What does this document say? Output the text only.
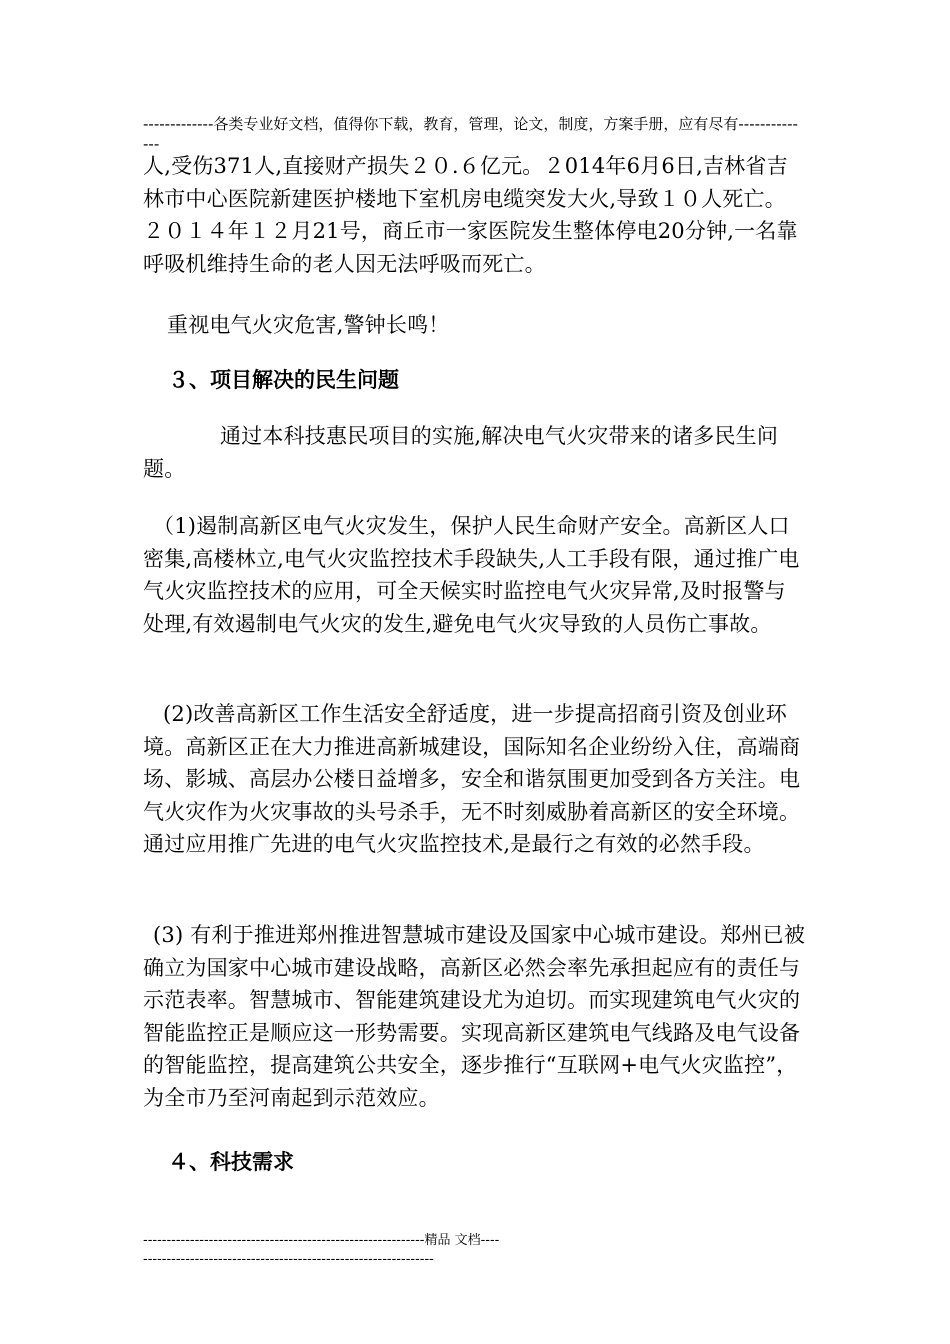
-------------各类专业好文档，值得你下载，教育，管理，论文，制度，方案手册，应有尽有--------------

人,受伤371人,直接财产损失２０.６亿元。２014年6月6日,吉林省吉林市中心医院新建医护楼地下室机房电缆突发大火,导致１０人死亡。 ２０１４年１２月21号，商丘市一家医院发生整体停电20分钟,一名靠呼吸机维持生命的老人因无法呼吸而死亡。

重视电气火灾危害,警钟长鸣！

３、项目解决的民生问题

通过本科技惠民项目的实施,解决电气火灾带来的诸多民生问题。

（1)遏制高新区电气火灾发生，保护人民生命财产安全。高新区人口密集,高楼林立,电气火灾监控技术手段缺失,人工手段有限，通过推广电气火灾监控技术的应用，可全天候实时监控电气火灾异常,及时报警与处理,有效遏制电气火灾的发生,避免电气火灾导致的人员伤亡事故。

(2)改善高新区工作生活安全舒适度，进一步提高招商引资及创业环境。高新区正在大力推进高新城建设，国际知名企业纷纷入住，高端商场、影城、高层办公楼日益增多，安全和谐氛围更加受到各方关注。电气火灾作为火灾事故的头号杀手，无不时刻威胁着高新区的安全环境。通过应用推广先进的电气火灾监控技术,是最行之有效的必然手段。

(3) 有利于推进郑州推进智慧城市建设及国家中心城市建设。郑州已被确立为国家中心城市建设战略，高新区必然会率先承担起应有的责任与示范表率。智慧城市、智能建筑建设尤为迫切。而实现建筑电气火灾的智能监控正是顺应这一形势需要。实现高新区建筑电气线路及电气设备的智能监控，提高建筑公共安全，逐步推行“互联网+电气火灾监控”，为全市乃至河南起到示范效应。

４、科技需求

------------------------------------------------------------精品 文档------------------------------------------------------------------
